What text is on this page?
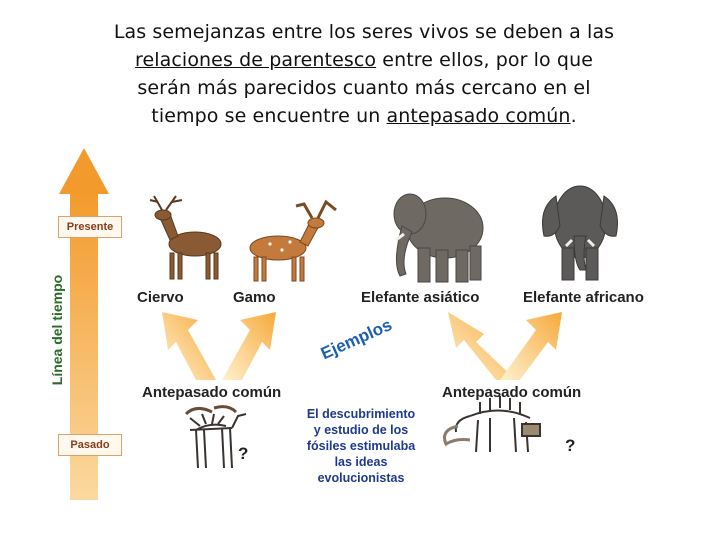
Las semejanzas entre los seres vivos se deben a las
relaciones de parentesco entre ellos, por lo que
serán más parecidos cuanto más cercano en el
tiempo se encuentre un antepasado común.
Presente
Pasado
Línea del tiempo	Ciervo	Gamo	Elefante asiático	Elefante africano
Antepasado común	Antepasado común
?	?
Ejemplos
El descubrimiento
y estudio de los
fósiles estimulaba
las ideas
evolucionistas
